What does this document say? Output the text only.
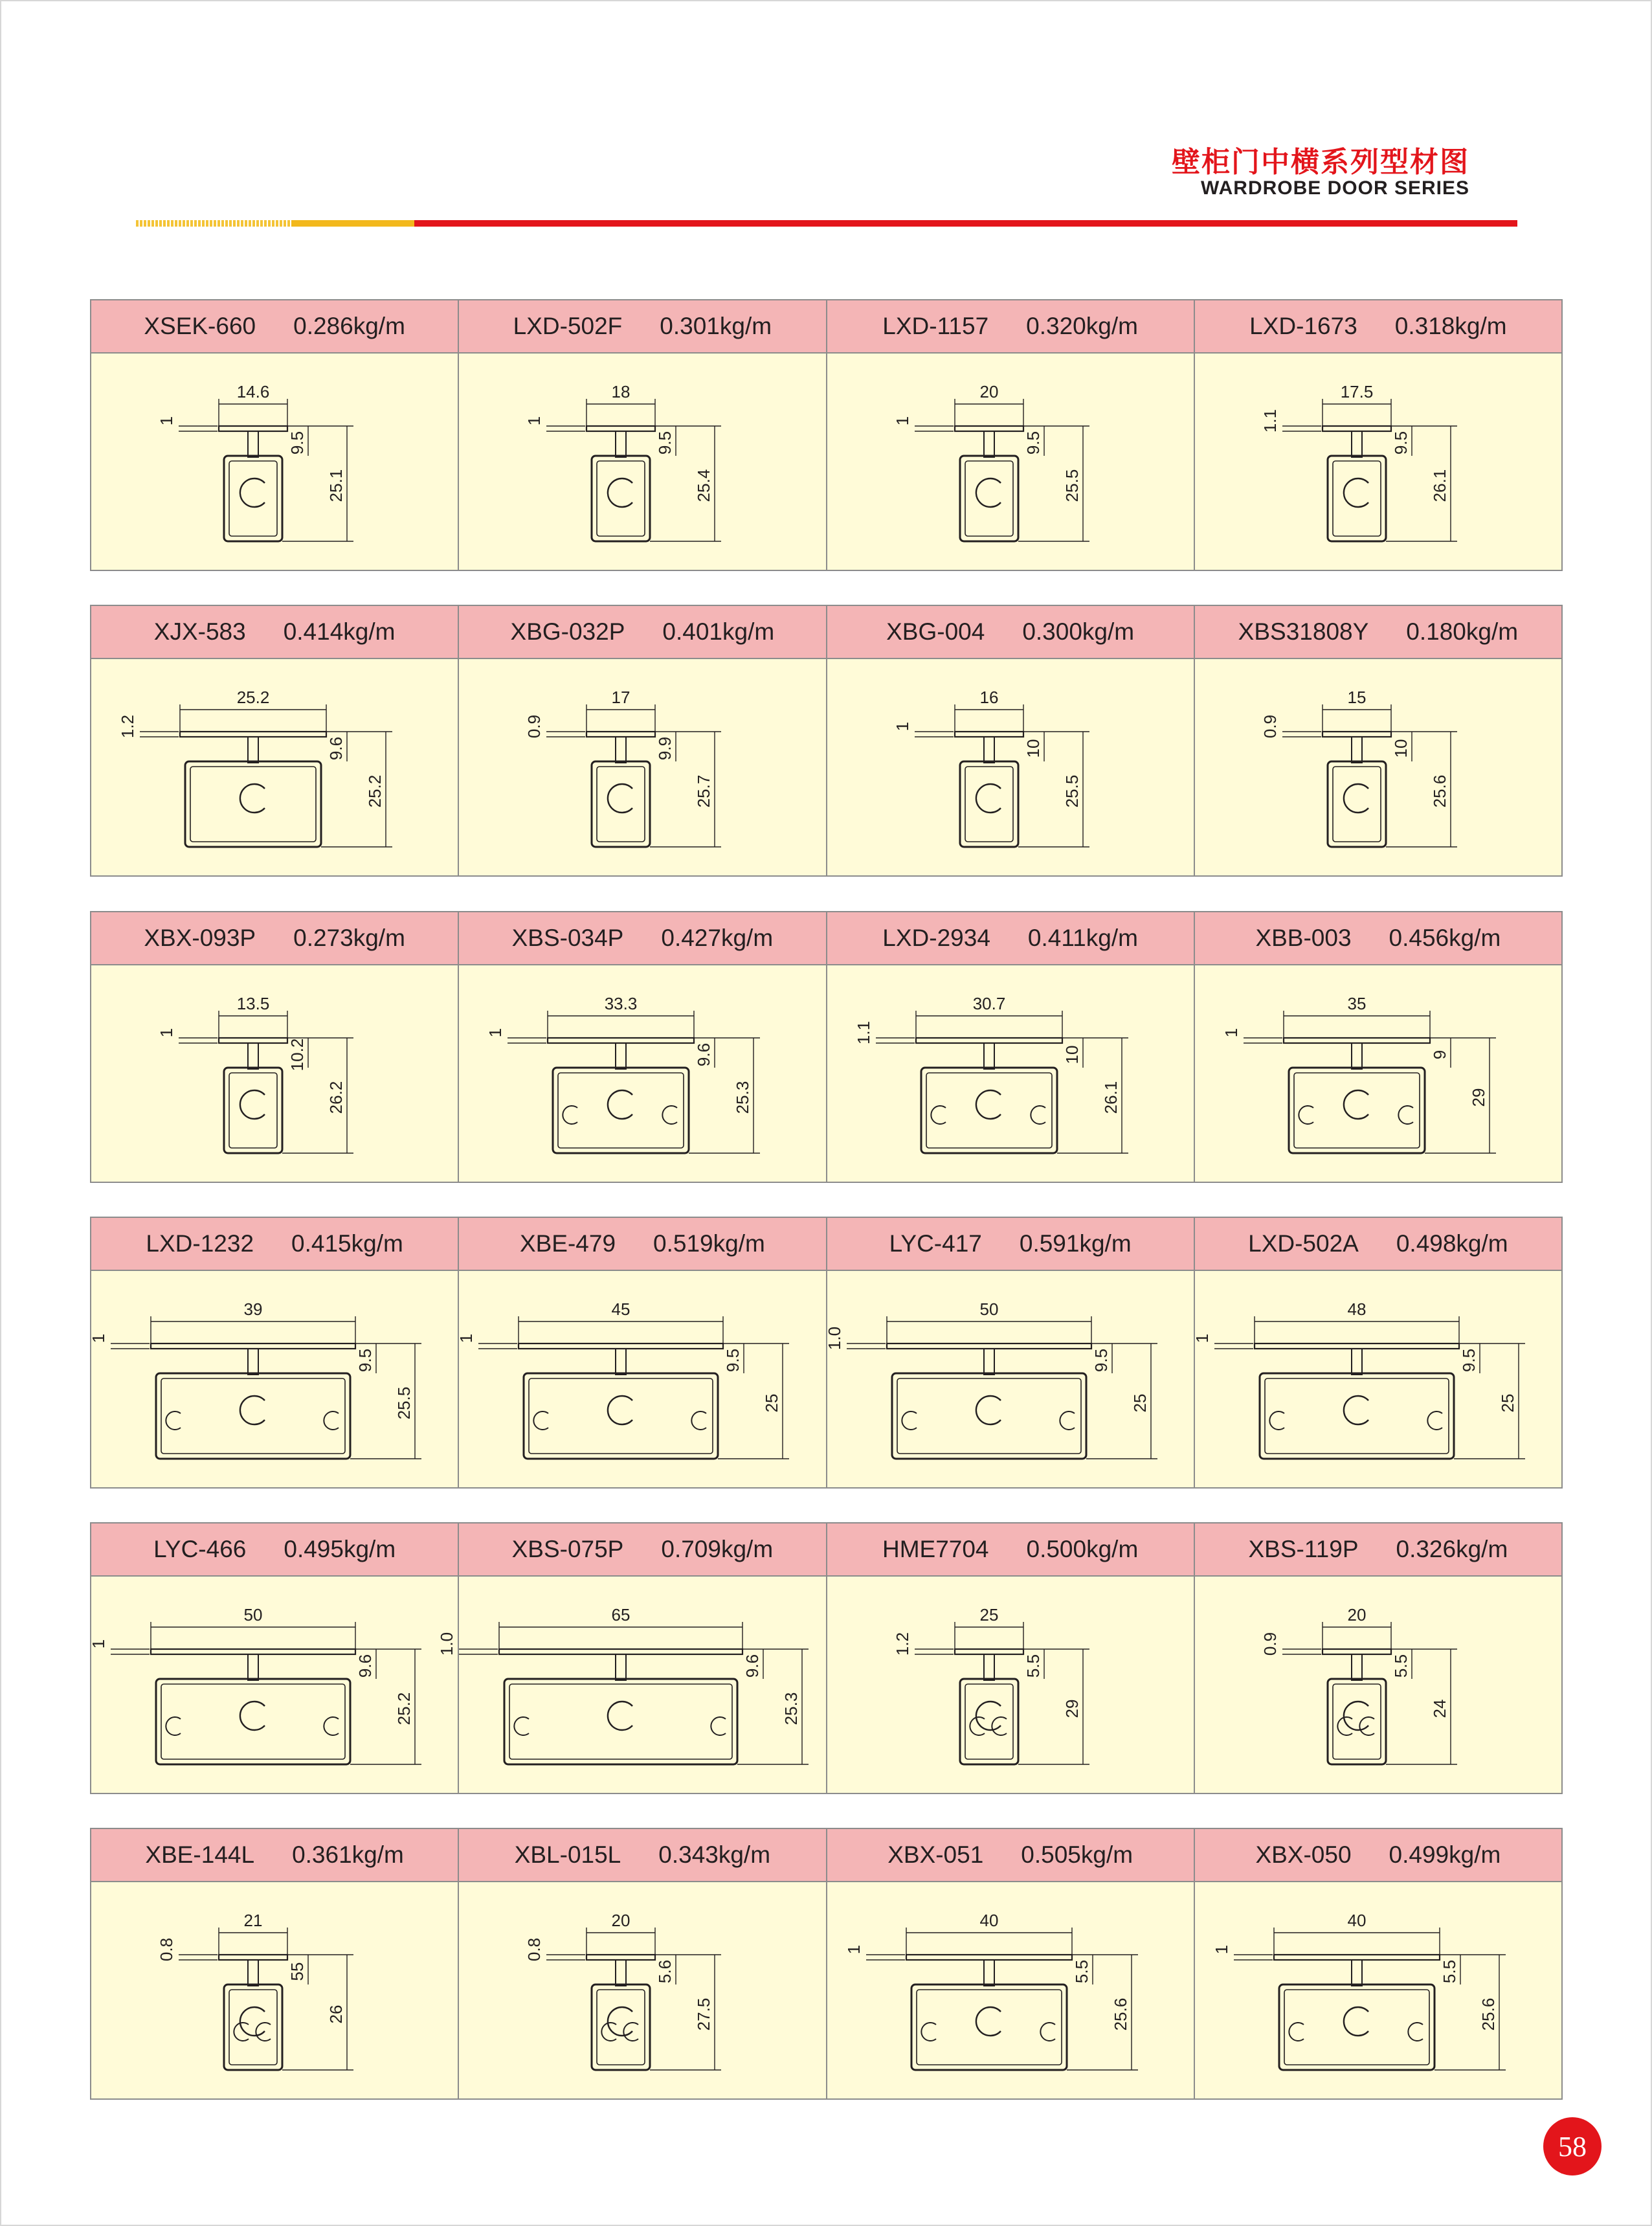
壁柜门中横系列型材图
WARDROBE DOOR SERIES
XSEK-660 0.286kg/m
14.6
1
9.5
25.1
LXD-502F 0.301kg/m
18
1
9.5
25.4
LXD-1157 0.320kg/m
20
1
9.5
25.5
LXD-1673 0.318kg/m
17.5
1.1
9.5
26.1
XJX-583 0.414kg/m
25.2
1.2
9.6
25.2
XBG-032P 0.401kg/m
17
0.9
9.9
25.7
XBG-004 0.300kg/m
16
1
10
25.5
XBS31808Y 0.180kg/m
15
0.9
10
25.6
XBX-093P 0.273kg/m
13.5
1
10.2
26.2
XBS-034P 0.427kg/m
33.3
1
9.6
25.3
LXD-2934 0.411kg/m
30.7
1.1
10
26.1
XBB-003 0.456kg/m
35
1
9
29
LXD-1232 0.415kg/m
39
1
9.5
25.5
XBE-479 0.519kg/m
45
1
9.5
25
LYC-417 0.591kg/m
50
1.0
9.5
25
LXD-502A 0.498kg/m
48
1
9.5
25
LYC-466 0.495kg/m
50
1
9.6
25.2
XBS-075P 0.709kg/m
65
1.0
9.6
25.3
HME7704 0.500kg/m
25
1.2
5.5
29
XBS-119P 0.326kg/m
20
0.9
5.5
24
XBE-144L 0.361kg/m
21
0.8
55
26
XBL-015L 0.343kg/m
20
0.8
5.6
27.5
XBX-051 0.505kg/m
40
1
5.5
25.6
XBX-050 0.499kg/m
40
1
5.5
25.6
58
